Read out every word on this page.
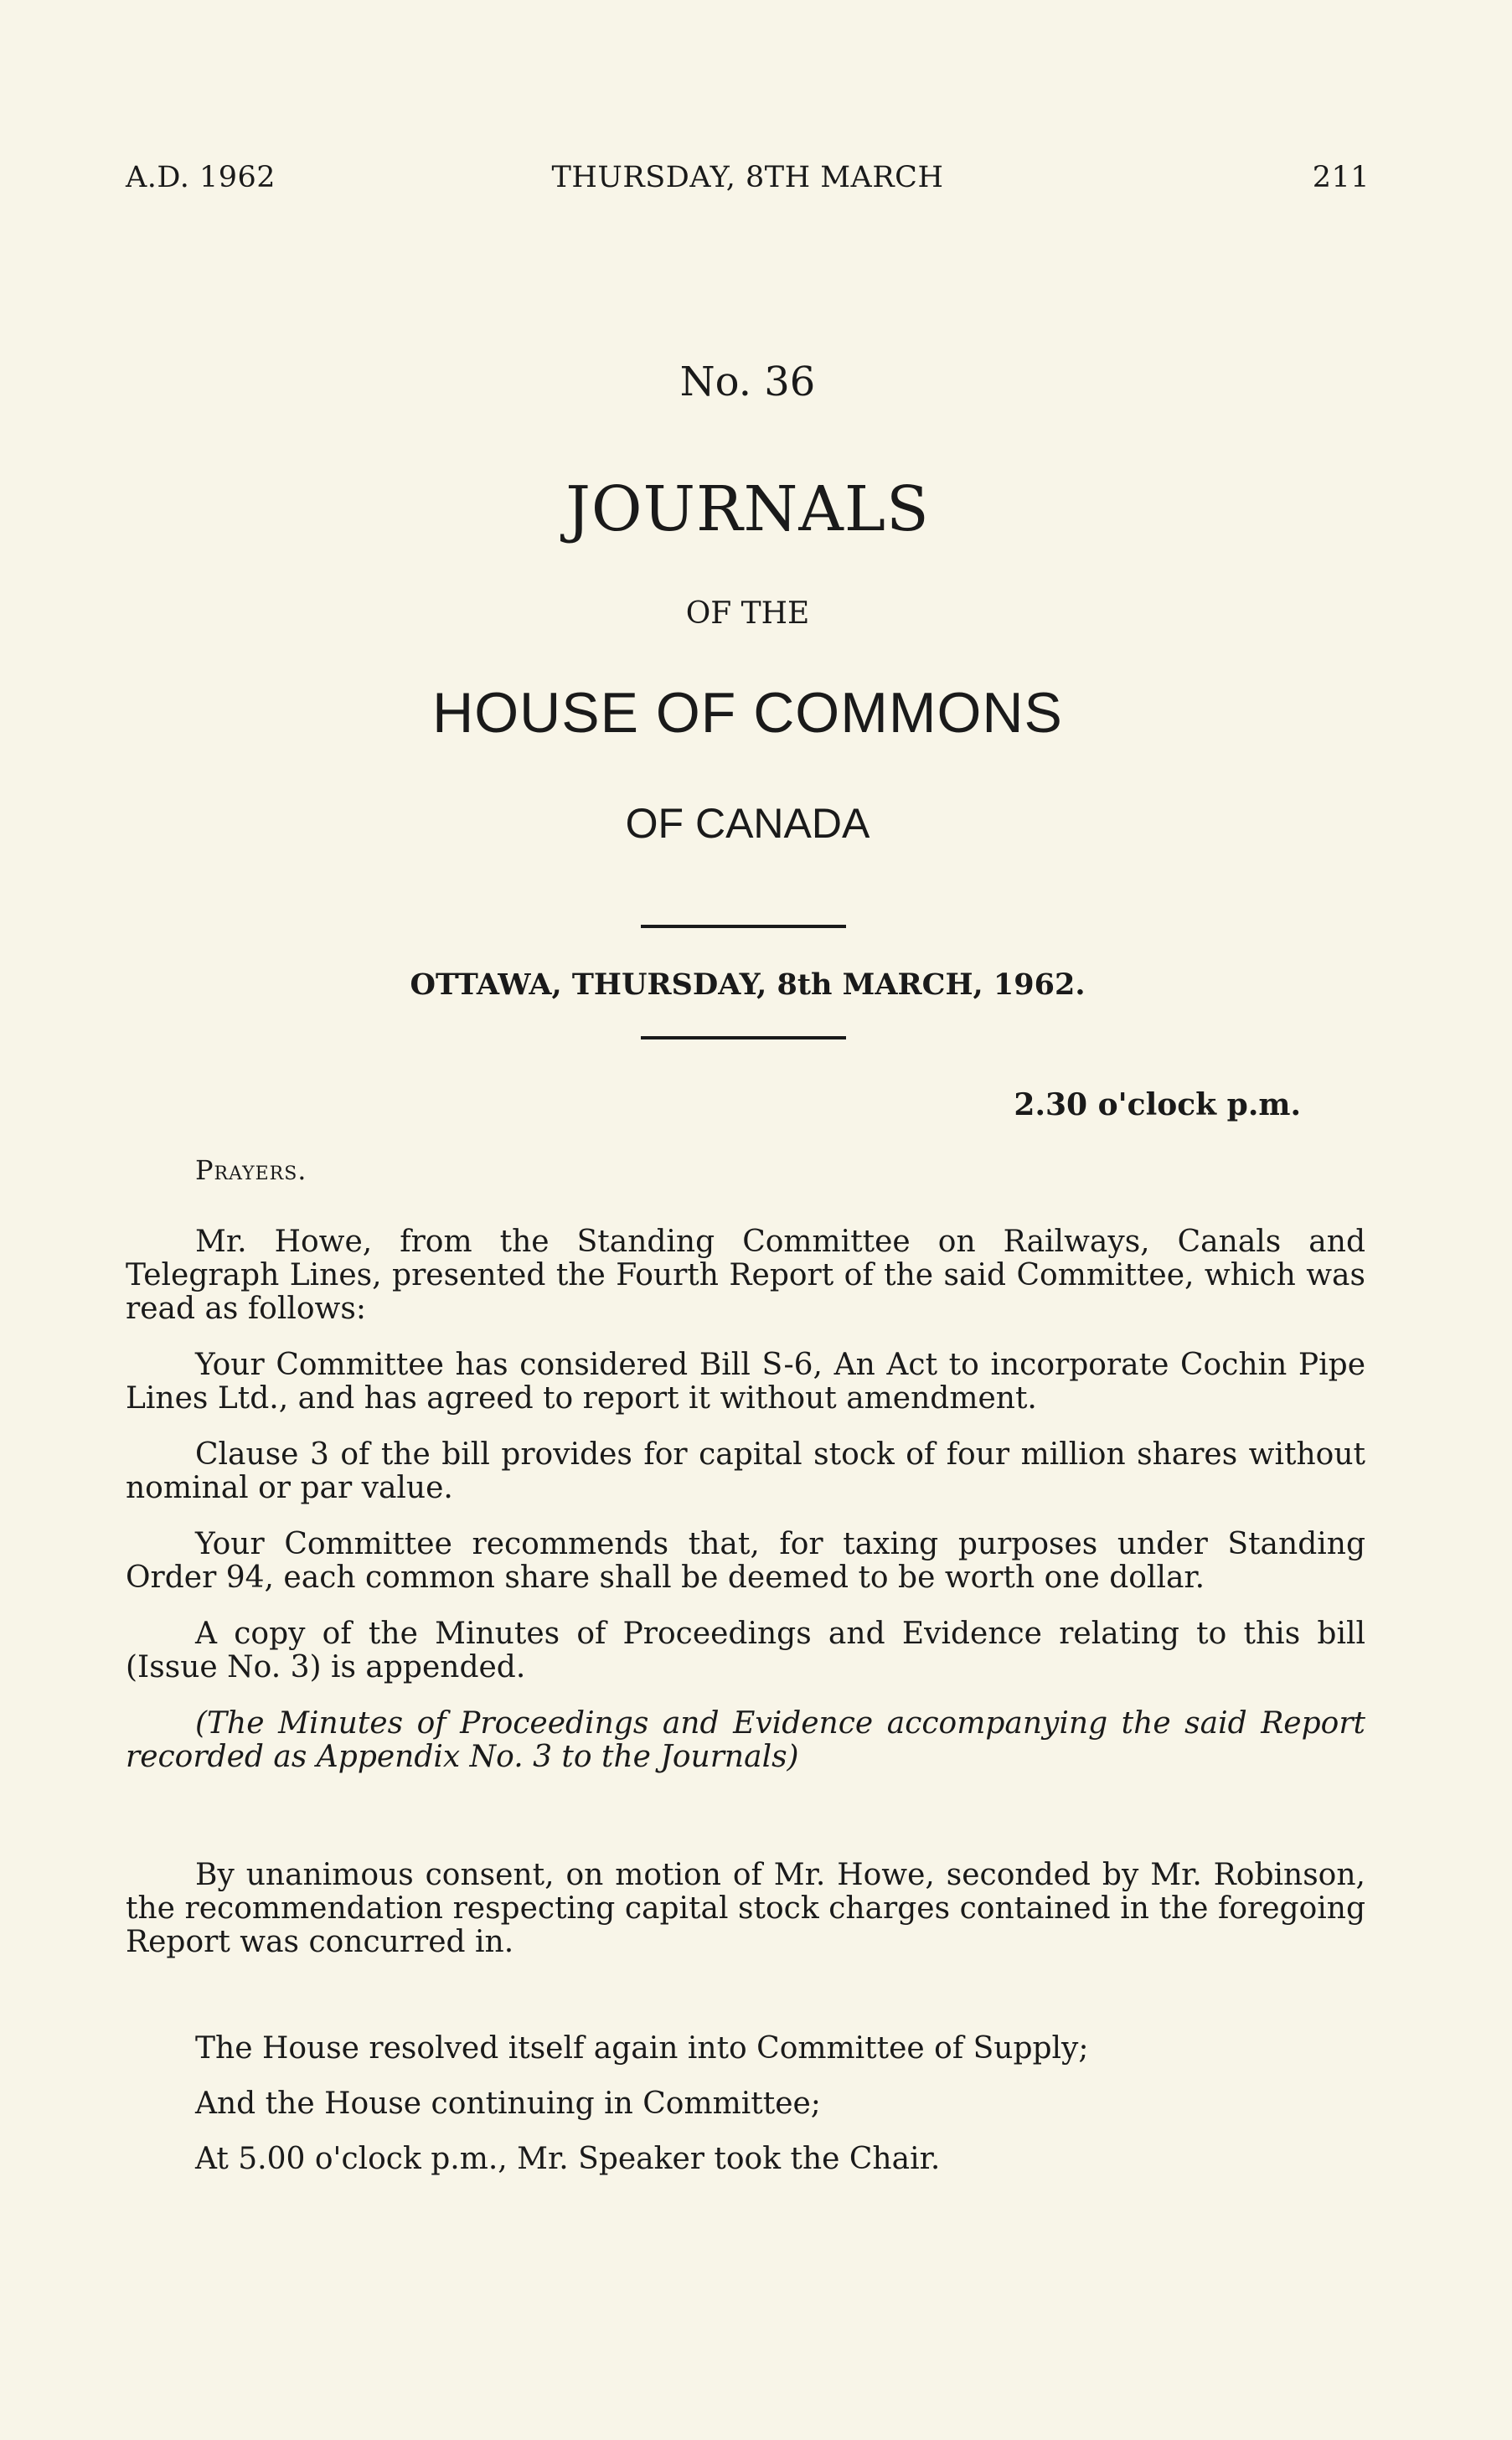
A.D. 1962	THURSDAY, 8TH MARCH	211
No. 36
JOURNALS
OF THE
HOUSE OF COMMONS
OF CANADA
OTTAWA, THURSDAY, 8th MARCH, 1962.
2.30 o'clock p.m.
Prayers.

Mr. Howe, from the Standing Committee on Railways, Canals and Telegraph Lines, presented the Fourth Report of the said Committee, which was read as follows:

Your Committee has considered Bill S-6, An Act to incorporate Cochin Pipe Lines Ltd., and has agreed to report it without amendment.

Clause 3 of the bill provides for capital stock of four million shares without nominal or par value.

Your Committee recommends that, for taxing purposes under Standing Order 94, each common share shall be deemed to be worth one dollar.

A copy of the Minutes of Proceedings and Evidence relating to this bill (Issue No. 3) is appended.

(The Minutes of Proceedings and Evidence accompanying the said Report recorded as Appendix No. 3 to the Journals)

By unanimous consent, on motion of Mr. Howe, seconded by Mr. Robinson, the recommendation respecting capital stock charges contained in the foregoing Report was concurred in.

The House resolved itself again into Committee of Supply;

And the House continuing in Committee;

At 5.00 o'clock p.m., Mr. Speaker took the Chair.
